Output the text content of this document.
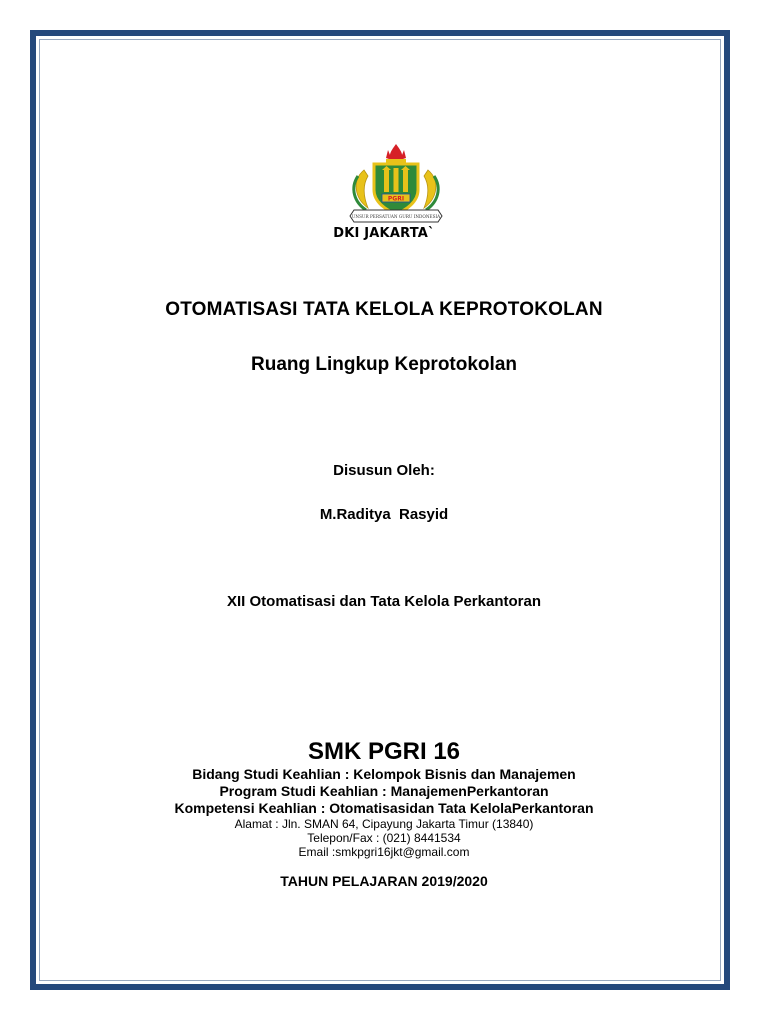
PGRI
UNSUR PERSATUAN GURU INDONESIA
DKI JAKARTA`
OTOMATISASI TATA KELOLA KEPROTOKOLAN
Ruang Lingkup Keprotokolan
Disusun Oleh:
M.Raditya  Rasyid
XII Otomatisasi dan Tata Kelola Perkantoran
SMK PGRI 16
Bidang Studi Keahlian : Kelompok Bisnis dan Manajemen
Program Studi Keahlian : ManajemenPerkantoran
Kompetensi Keahlian : Otomatisasidan Tata KelolaPerkantoran
Alamat : Jln. SMAN 64, Cipayung Jakarta Timur (13840)
Telepon/Fax : (021) 8441534
Email :smkpgri16jkt@gmail.com
TAHUN PELAJARAN 2019/2020
